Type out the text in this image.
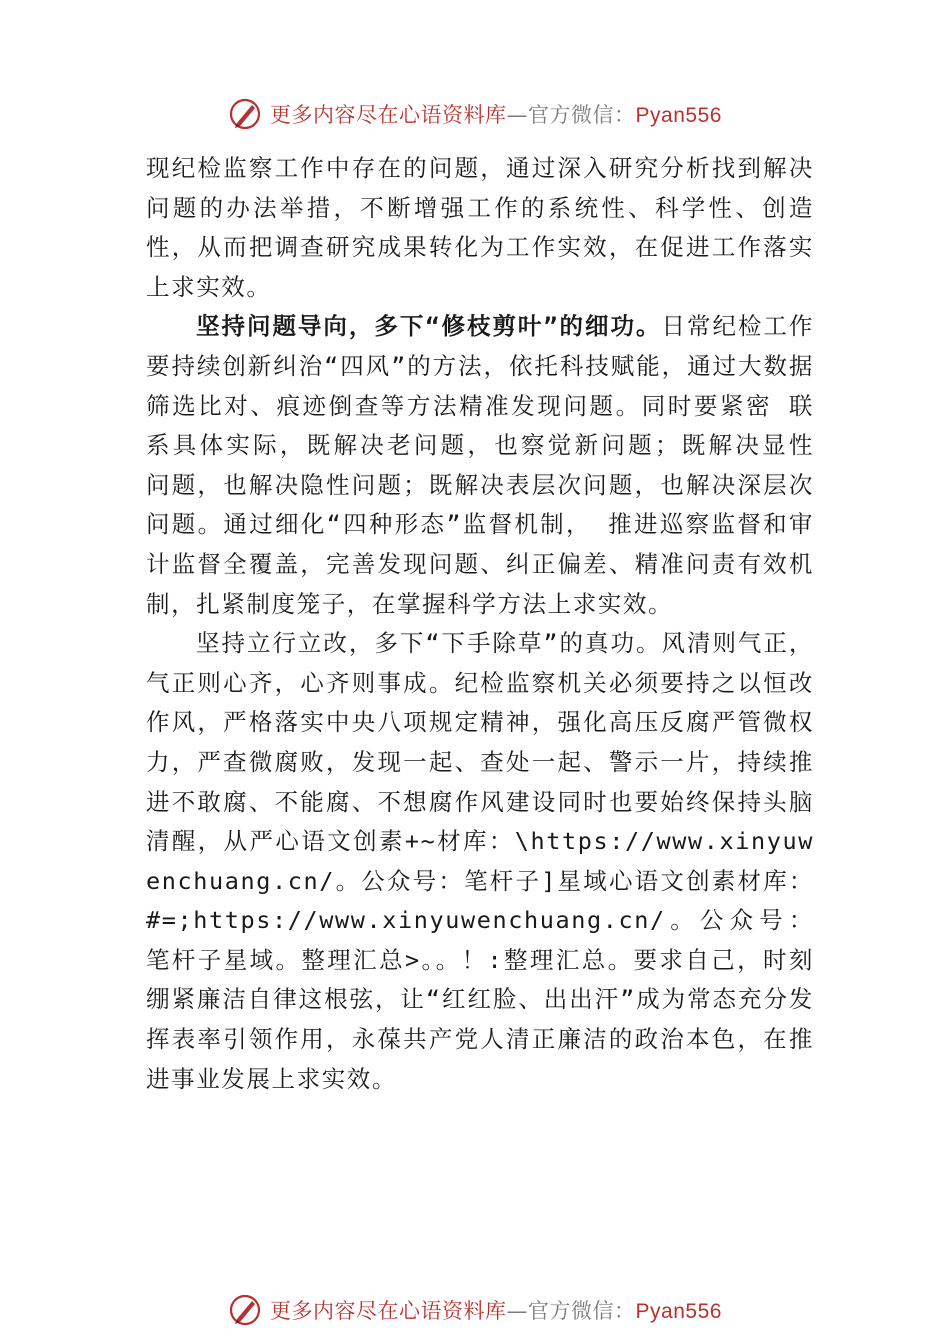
更多内容尽在心语资料库—官方微信：Pyan556

现纪检监察工作中存在的问题，通过深入研究分析找到解决问题的办法举措，不断增强工作的系统性、科学性、创造性，从而把调查研究成果转化为工作实效，在促进工作落实上求实效。

坚持问题导向，多下“修枝剪叶”的细功。日常纪检工作要持续创新纠治“四风”的方法，依托科技赋能，通过大数据筛选比对、痕迹倒查等方法精准发现问题。同时要紧密 联系具体实际，既解决老问题，也察觉新问题；既解决显性 问题，也解决隐性问题；既解决表层次问题，也解决深层次问题。通过细化“四种形态”监督机制， 推进巡察监督和审计监督全覆盖，完善发现问题、纠正偏差、精准问责有效机 制，扎紧制度笼子，在掌握科学方法上求实效。

坚持立行立改，多下“下手除草”的真功。风清则气正， 气正则心齐，心齐则事成。纪检监察机关必须要持之以恒改作风，严格落实中央八项规定精神，强化高压反腐严管微权力，严查微腐败，发现一起、查处一起、警示一片，持续推进不敢腐、不能腐、不想腐作风建设同时也要始终保持头脑清醒，从严心语文创素+~材库：\https://www.xinyuwenchuang.cn/。公众号：笔杆子]星域心语文创素材库：#=;https://www.xinyuwenchuang.cn/。公众号：笔杆子星域。整理汇总>。。！:整理汇总。要求自己，时刻绷紧廉洁自律这根弦，让“红红脸、出出汗”成为常态充分发挥表率引领作用，永葆共产党人清正廉洁的政治本色，在推进事业发展上求实效。

更多内容尽在心语资料库—官方微信：Pyan556
